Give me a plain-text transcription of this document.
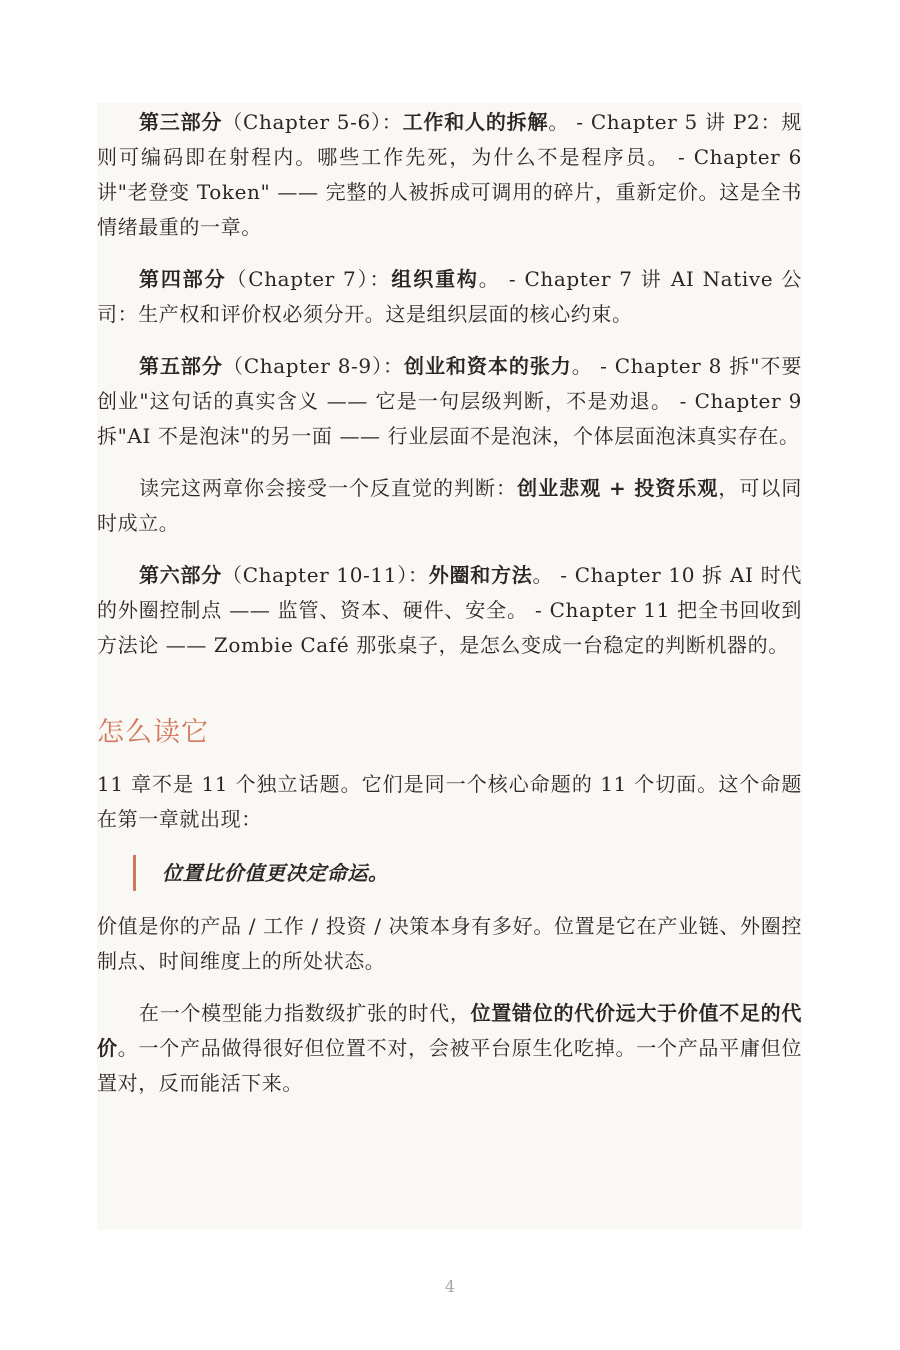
第三部分（Chapter 5-6）：工作和人的拆解。 - Chapter 5 讲 P2：规则可编码即在射程内。哪些工作先死，为什么不是程序员。 - Chapter 6 讲"老登变 Token" —— 完整的人被拆成可调用的碎片，重新定价。这是全书情绪最重的一章。

第四部分（Chapter 7）：组织重构。 - Chapter 7 讲 AI Native 公司：生产权和评价权必须分开。这是组织层面的核心约束。

第五部分（Chapter 8-9）：创业和资本的张力。 - Chapter 8 拆"不要创业"这句话的真实含义 —— 它是一句层级判断，不是劝退。 - Chapter 9 拆"AI 不是泡沫"的另一面 —— 行业层面不是泡沫，个体层面泡沫真实存在。

读完这两章你会接受一个反直觉的判断：创业悲观 + 投资乐观，可以同时成立。

第六部分（Chapter 10-11）：外圈和方法。 - Chapter 10 拆 AI 时代的外圈控制点 —— 监管、资本、硬件、安全。 - Chapter 11 把全书回收到方法论 —— Zombie Café 那张桌子，是怎么变成一台稳定的判断机器的。

怎么读它

11 章不是 11 个独立话题。它们是同一个核心命题的 11 个切面。这个命题在第一章就出现：

位置比价值更决定命运。

价值是你的产品 / 工作 / 投资 / 决策本身有多好。位置是它在产业链、外圈控制点、时间维度上的所处状态。

在一个模型能力指数级扩张的时代，位置错位的代价远大于价值不足的代价。一个产品做得很好但位置不对，会被平台原生化吃掉。一个产品平庸但位置对，反而能活下来。

4
